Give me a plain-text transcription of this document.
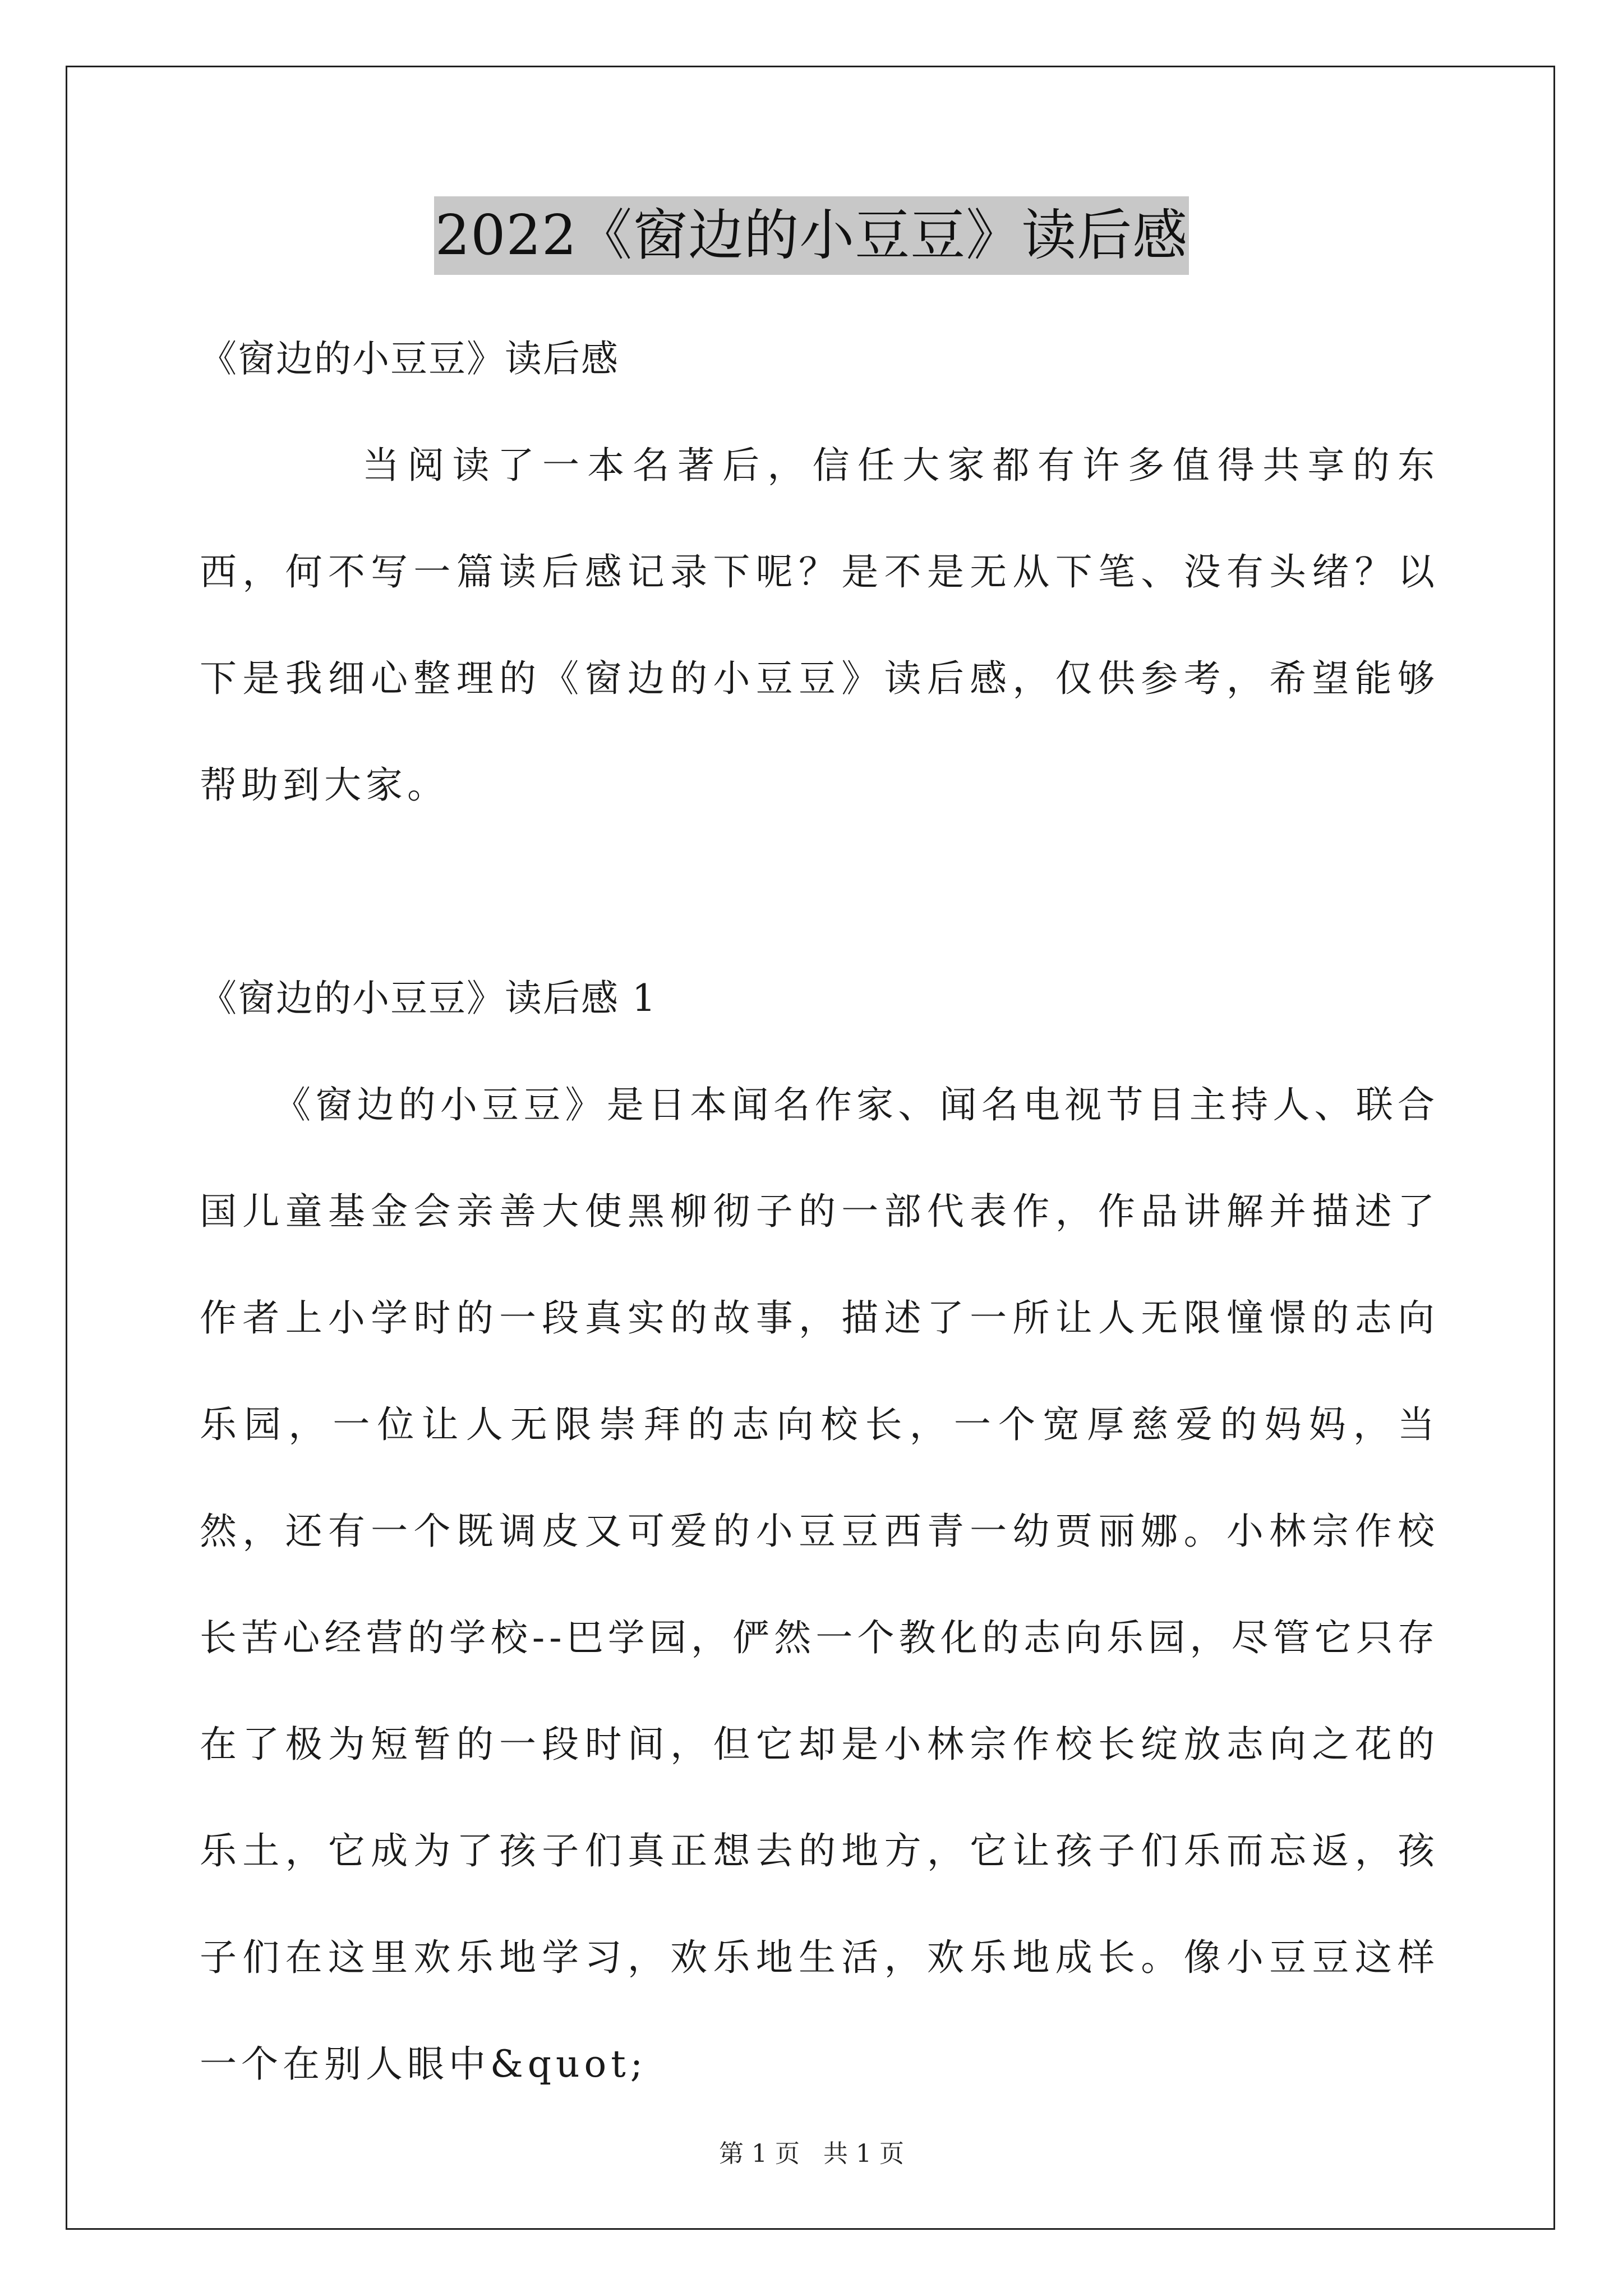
2022《窗边的小豆豆》读后感

《窗边的小豆豆》读后感

当阅读了一本名著后，信任大家都有许多值得共享的东西，何不写一篇读后感记录下呢？是不是无从下笔、没有头绪？以下是我细心整理的《窗边的小豆豆》读后感，仅供参考，希望能够帮助到大家。

《窗边的小豆豆》读后感 1

《窗边的小豆豆》是日本闻名作家、闻名电视节目主持人、联合国儿童基金会亲善大使黑柳彻子的一部代表作，作品讲解并描述了作者上小学时的一段真实的故事，描述了一所让人无限憧憬的志向乐园，一位让人无限崇拜的志向校长，一个宽厚慈爱的妈妈，当然，还有一个既调皮又可爱的小豆豆西青一幼贾丽娜。小林宗作校长苦心经营的学校--巴学园，俨然一个教化的志向乐园，尽管它只存在了极为短暂的一段时间，但它却是小林宗作校长绽放志向之花的乐土，它成为了孩子们真正想去的地方，它让孩子们乐而忘返，孩子们在这里欢乐地学习，欢乐地生活，欢乐地成长。像小豆豆这样一个在别人眼中&quot;

第 1 页 共 1 页
